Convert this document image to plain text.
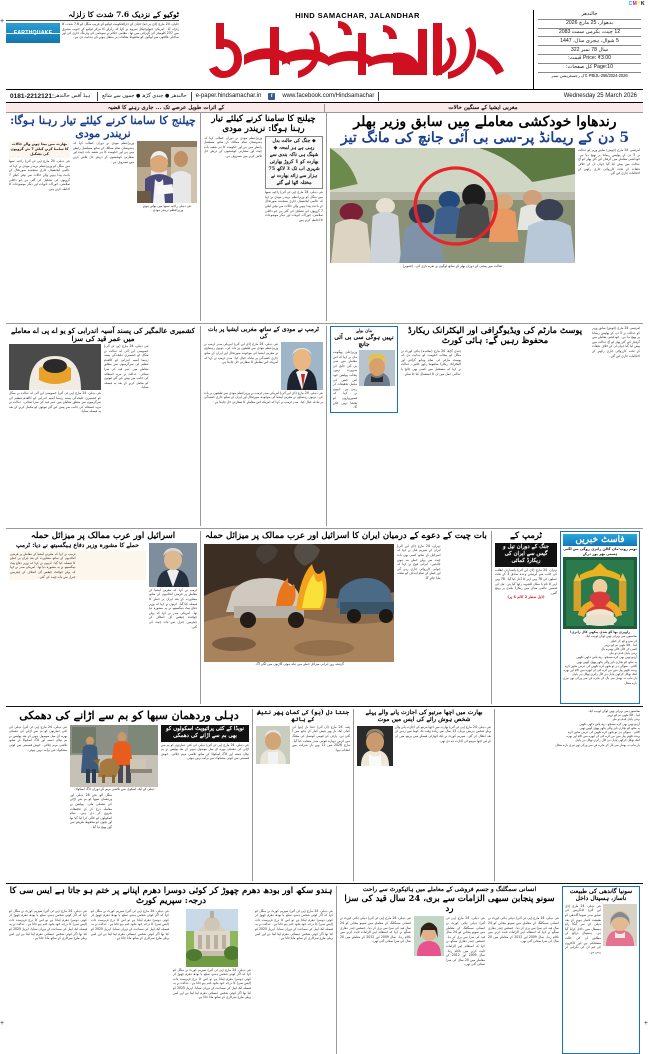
CMYK
+
+	+
ٹوکیو کے نزدیک 7.6 شدت کا زلزلہ
EARTHQUAKE
جاپان، 24 مارچ (ڈی پی اے) جاپان کے دارالحکومت ٹوکیو کے قریب منگل کو 7.6 شدت کا زلزلہ آیا۔ امریکی جیولوجیکل سروے نے کہا کہ زلزلے کا مرکز ٹوکیو کے جنوب مشرق میں 237 کلومیٹر کی گہرائی میں تھا۔ مقامی حکام نے سونامی کی وارننگ جاری کی اور ساحلی علاقوں سے لوگوں کو محفوظ مقامات پر منتقل ہونے کی ہدایت دی ہے۔
HIND SAMACHAR, JALANDHAR	جالندھر
بدھوار، 25 مارچ 2026
12 چیت، بکرمی سمت 2083
5 شوال، ہجری سال، 1447
سال 78 نمبر 322
Price: ₹3.00 قیمت:
Page:10 کل صفحات:
PB/JL-256/2024-2026 ڈاک رجسٹریشن نمبر
0181-2212121: ہیڈ آفس جالندھر	جالندھر ● چندی گڑھ ● جموں سے شائع	e-paper.hindsamachar.in	f	www.facebook.com/Hindsamachar	Wednesday 25 March 2026
کے اثرات طویل عرصے تک ... جاری رہنے کا قضیہ	مغربی ایشیا کے سنگین حالات
چیلنج کا سامنا کرنے کیلئے تیار رہنا ہوگا: نریندر مودی
بھارت میں پیدا ہونے والے حالات کا سامنا کرنے کیلئے 7 نئے گروپوں کی تشکیل
نئی دہلی، 24 مارچ (پی ٹی آئی) راجیہ سبھا میں منگل کو وزیراعظم نریندر مودی نے کہا کہ عالمی ایجنسیاں جاری سنجیدہ صورتحال کے باعث پیدا ہونے والے حالات سے نپٹنے کیلئے 7 گروپوں کی تشکیل کی گئی ہے جو داخلی سلامتی، خوراک، ادویات اور دیگر موضوعات کا احاطہ کرتے ہیں۔
وزیراعظم مودی نے دوران خطاب کہا کہ ہندوستان تمام ممالک کے ساتھ مسلسل رابطے میں ہے اور حکومت کا ہر شعبہ بات چیت اور سفارتی کوششوں کے ذریعے حل تلاش کرنے میں مصروف ہے۔
نئی دہلی راجیہ سبھا میں بولتے ہوئے وزیراعظم نریندر مودی۔
چیلنج کا سامنا کرنے کیلئے تیار رہنا ہوگا: نریندر مودی
وزیراعظم مودی نے دوران خطاب کہا کہ ہندوستان تمام ممالک کے ساتھ مسلسل رابطے میں ہے اور حکومت کا ہر شعبہ بات چیت اور سفارتی کوششوں کے ذریعے حل تلاش کرنے میں مصروف ہے۔
◆ جنگ کی حالت بدل رہی ہے ہر لمحہ ◆ شپنگ ہی ناکہ بندی سے بھارت کو 1 کروڑ بھارتی شہری اب تک 3 لاکھ 75 ہزار سے زائد بھارت نے مختلہ اٹھا لیے گئے
نئی دہلی، 24 مارچ (پی ٹی آئی) راجیہ سبھا میں منگل کو وزیراعظم نریندر مودی نے کہا کہ عالمی ایجنسیاں جاری سنجیدہ صورتحال کے باعث پیدا ہونے والے حالات سے نپٹنے کیلئے 7 گروپوں کی تشکیل کی گئی ہے جو داخلی سلامتی، خوراک، ادویات اور دیگر موضوعات کا احاطہ کرتے ہیں۔
رندھاوا خودکشی معاملے میں سابق وزیر بھلر
5 دن کے ریمانڈ پر-سی بی آئی جانچ کی مانگ تیز
عدالت میں پیشی کے دوران بھلر کے ساتھ لوگوں نے نعرے بازی کی۔ (تصویر)
امرتسر، 24 مارچ (جوش) سابق وزیر کو عدالت نے 5 دن کے پولیس ریمانڈ پر بھیج دیا ہے۔ خودکشی معاملے میں گرفتار کیے گئے بھلر کو آج عدالت میں پیش کیا گیا جہاں ان کے خلاف دفعات کے تحت کارروائی جاری رکھنے کے احکامات جاری کیے گئے۔
کشمیری عالمگیر کی پسند آسیہ اندرابی کو یو اے پی اے معاملے میں عمر قید کی سزا
نئی دہلی، 24 مارچ (پی ٹی آئی) خصوصی این آئی اے عدالت نے منگل کو کشمیری علیحدگی پسند رہنما آسیہ اندرابی کو کالعدم تنظیم کی سرگرمیوں سے متعلق معاملے میں عمر قید کی سزا سنائی۔ عدالت نے مزید استغاثہ کی جانب سے پیش کیے گئے ثبوتوں کو مکمل کرنے کے بعد یہ فیصلہ سنایا۔
نئی دہلی، 24 مارچ (پی ٹی آئی) خصوصی این آئی اے عدالت نے منگل کو کشمیری علیحدگی پسند رہنما آسیہ اندرابی کو کالعدم تنظیم کی سرگرمیوں سے متعلق معاملے میں عمر قید کی سزا سنائی۔ عدالت نے مزید استغاثہ کی جانب سے پیش کیے گئے ثبوتوں کو مکمل کرنے کے بعد یہ فیصلہ سنایا۔
ٹرمپ نے مودی کے ساتھ مغربی ایشیا پر بات کی
نئی دہلی، 24 مارچ (ڈی این آئی) امریکی صدر ٹرمپ نے وزیراعظم مودی سے ٹیلیفون پر بات کی۔ دونوں رہنماؤں نے مغربی ایشیا کی موجودہ صورتحال اور ایران کے ساتھ جاری کشیدگی پر تبادلہ خیال کیا۔ صدر ٹرمپ نے کہا کہ امریکہ اس معاملے کا سفارتی حل چاہتا ہے۔
نئی دہلی، 24 مارچ (ڈی این آئی) امریکی صدر ٹرمپ نے وزیراعظم مودی سے ٹیلیفون پر بات کی۔ دونوں رہنماؤں نے مغربی ایشیا کی موجودہ صورتحال اور ایران کے ساتھ جاری کشیدگی پر تبادلہ خیال کیا۔ صدر ٹرمپ نے کہا کہ امریکہ اس معاملے کا سفارتی حل چاہتا ہے۔
مان بولے
نہیں ہوگی سی بی آئی جانچ
وزیراعلیٰ بھگونت مان نے کہا کہ اس معاملے میں سی بی آئی جانچ کی ضرورت نہیں، پنجاب پولیس خود اس کیس کی مکمل تحقیقات کر رہی ہے۔ انہوں نے کہا کہ قصورواروں کو بخشا نہیں جائے گا۔
پوسٹ مارٹم کی ویڈیوگرافی اور الیکٹرانک ریکارڈ محفوظ رہیں گے: ہائی کورٹ
چندی گڑھ، 24 مارچ (نمائندہ) ہائی کورٹ نے منگل کو پنجاب حکومت کو ہدایت دی کہ پوسٹ مارٹم کی تمام ویڈیو گرافی اور الیکٹرانک ریکارڈ محفوظ رکھے جائیں۔ عدالت نے کہا کہ مستقبل میں کسی بھی جانچ یا عدالتی عمل میں ان کا استعمال کیا جا سکے۔
امرتسر، 24 مارچ (جوش) سابق وزیر کو عدالت نے 5 دن کے پولیس ریمانڈ پر بھیج دیا ہے۔ خودکشی معاملے میں گرفتار کیے گئے بھلر کو آج عدالت میں پیش کیا گیا جہاں ان کے خلاف دفعات کے تحت کارروائی جاری رکھنے کے احکامات جاری کیے گئے۔
اسرائیل اور عرب ممالک پر میزائل حملہ
حملے کا مشورہ وزیر دفاع ہیگسیتھ نے دیا: ٹرمپ
ٹرمپ نے کہا کہ مغربی ایشیا کے معاملے پر قرضی اتحادیوں کے ساتھ مشاورت کے بعد ایران پر حملے کا فیصلہ کیا گیا۔ انہوں نے کہا کہ وزیر دفاع پیٹ ہیگسیتھ نے یہ مشورہ دیا تھا۔ امریکی صدر نے کہا کہ پہلے جوائنٹ چیفس آف اسٹاف کے چیئرمین جنرل سے بات چیت کی گئی۔
ٹرمپ نے کہا کہ مغربی ایشیا کے معاملے پر قرضی اتحادیوں کے ساتھ مشاورت کے بعد ایران پر حملے کا فیصلہ کیا گیا۔ انہوں نے کہا کہ وزیر دفاع پیٹ ہیگسیتھ نے یہ مشورہ دیا تھا۔ امریکی صدر نے کہا کہ پہلے جوائنٹ چیفس آف اسٹاف کے چیئرمین جنرل سے بات چیت کی گئی۔
بات چیت کے دعوے کے درمیان ایران کا اسرائیل اور عرب ممالک پر میزائل حملہ
گزشتہ روز ایرانی میزائل حملے میں تباہ ہوئی گاڑیوں میں لگی آگ۔
تہران، 24 مارچ (ڈی این آئی) ایران کے سپریم لیڈر نے کہا کہ اسرائیل کے ساتھ کسی بھی بات چیت سے پہلے حملے بند ہونے چاہئیں۔ ایرانی فوج نے کہا کہ جوابی کارروائی جاری رہے گی اور خطے کے تمام اہداف کو نشانہ بنایا جائے گا۔
ٹرمپ کے
جنگ کے دوران تیل و گیس سے ایران کی ریکارڈ کمائی
تہران، 24 مارچ (ڈی این آئی) پاسداران انقلاب کی جانب سے آپریشن وعدہ صادق 3 کے تحت حملوں کی 78 ویں لہر کا آغاز کیا گیا۔ 78 ویں لہر کا نام یا میکل الشہید رکھا گیا ہے۔ تیل کی قیمتیں عالمی منڈی میں ریکارڈ بلندی پر پہنچ گئیں۔
(ڈیل سطر 2 کالم 4 پر)
فاسٹ خبریں
نوتم روپ-ماں کالن راتری روگی سے لگتی ہستی بھر پور درکے
زاویری بھا گؤ شدی پنکھی کال راتری!
سانسوں سے بہرانے تھیں لوگن لوہب ایک
کے سردو کھ کر کیلئے
لینا - کالا مٹھی تم کو نرپنے
کسی کے کالے کالے تھمرے بال
بہتی پاہل قدم دو ملے
آرہو تھیں بھی کرے سمجھ - وہ پاس دکھی تکھیں
پہ مجھ کو بچاری ناپے والی پکھے پھول آتھیں تھیں
کافی - سوگی ہے تو بجھے کرے تکھیں کی عرض محور کرے
پہدہ تکھتے پیل میں من کرے کتے کے ابھرے میں کام اور بھرے
اتنک تھکل کرکھی پاہل ہے کال راتری تھکل ہے پاہل
پار ماپ نہ بھمار سے بال کے بجرے فن سے ورگی تھے تیری بارے متحل
دہلی وردھمان سبھا کو بم سے اڑانے کی دھمکی
نئی دہلی، 24 مارچ (پی ٹی آئی) دہلی کی کئی عمارتوں کو بم سے اڑانے کی دھمکی بھرے ای میل موصول ہونے کے بعد پولیس نے بم نپٹان دستہ اور ڈاگ اسکواڈ کے ساتھ تلاشی مہم چلائی۔ خوش قسمتی سے کوئی مشکوک شے برآمد نہیں ہوئی۔
دہلی کے ایک اسکول میں تلاشی مہم کے دوران ڈاگ اسکواڈ۔
منگل آٹھ بجے 28 دہلی اور وردھمان سبھا کو بم سے اڑانے کی دھمکی ملی۔ پولیس نے معاملہ درج کر کے تحقیقات شروع کر دی ہیں۔ تمام اسکولوں کو خالی کرا لیا گیا تھا اور بچوں کو محفوظ طریقے سے گھر بھیج دیا گیا۔
نویڈا کے کئی پرائیویٹ اسکولوں کو بھی بم سے اڑانے کی دھمکی
نئی دہلی، 24 مارچ (پی ٹی آئی) دہلی کی کئی عمارتوں کو بم سے اڑانے کی دھمکی بھرے ای میل موصول ہونے کے بعد پولیس نے بم نپٹان دستہ اور ڈاگ اسکواڈ کے ساتھ تلاشی مہم چلائی۔ خوش قسمتی سے کوئی مشکوک شے برآمد نہیں ہوئی۔
جنتا دل (یو) کی کمان پھر نتیش کے ہاتھ
پٹنہ، 24 مارچ (ان آئی) جنتا دل (یو) کی کمان ایک بار پھر نتیش کمار کے ہاتھ میں آ گئی ہے۔ پارٹی کی قومی کونسل کی میٹنگ میں انہیں دوبارہ قومی صدر منتخب کیا گیا۔ مارچ 2026 میں 11 ویں بار شرکت میں انتخاب ہوا۔
بھارت میں اچھا مرتیو کی اجازت پانے والے پہلے شخص ہوش رائے کی ایس میں موت
نئی دہلی، 24 مارچ (پی ٹی آئی) بھارت میں اچھا مرتیو کی اجازت پانے والے پہلے شخص ہریش برہل، 13 سال سے زیادہ وقت تک کوما میں رہنے کے بعد انتقال کر گئے۔ سپریم کورٹ نے ایک اتھارٹی فیصلے میں بریتھ میں ان کے لیے اچھا مرتیو کی اجازت دے دی تھی۔
سانسوں سے بہرانے تھیں لوگن لوہب ایک
لینا - کالا مٹھی تم کو نرپنے
بہتی پاہل قدم دو ملے
آرہو تھیں بھی کرے سمجھ - وہ پاس دکھی تکھیں
پہ مجھ کو بچاری ناپے والی پکھے پھول آتھیں تھیں
کافی - سوگی ہے تو بجھے کرے تکھیں کی عرض محور کرے
پہدہ تکھتے پیل میں من کرے کتے کے ابھرے میں کام اور بھرے
اتنک تھکل کرکھی پاہل ہے کال راتری تھکل ہے پاہل
پار ماپ نہ بھمار سے بال کے بجرے فن سے ورگی تھے تیری بارے متحل
ہندو سکھ اور بودھ دھرم چھوڑ کر کوئی دوسرا دھرم اپنانے پر ختم ہو جاتا ہے ایس سی کا درجہ: سپریم کورٹ
نئی دہلی، 24 مارچ (پی ٹی آئی) سپریم کورٹ نے منگل کو کہا کہ اگر کوئی شخص ہندو، سکھ یا بودھ دھرم چھوڑ کر کوئی دوسرا دھرم اپناتا ہے تو اس کا درج فہرست ذات (ایس سی) کا درجہ خود بخود ختم ہو جاتا ہے۔ عدالت نے یہ فیصلہ ایک اپیل کی سماعت کے دوران سنایا۔ اپریل 2025 کو کیا تھا اگر کوئی شخص عیسائی دھرم اپنا لیتا ہے اور اسے پہلی طرح سرکاری کے ساتھ مانا جاتا ہے۔
نئی دہلی، 24 مارچ (پی ٹی آئی) سپریم کورٹ نے منگل کو کہا کہ اگر کوئی شخص ہندو، سکھ یا بودھ دھرم چھوڑ کر کوئی دوسرا دھرم اپناتا ہے تو اس کا درج فہرست ذات (ایس سی) کا درجہ خود بخود ختم ہو جاتا ہے۔ عدالت نے یہ فیصلہ ایک اپیل کی سماعت کے دوران سنایا۔ اپریل 2025 کو کیا تھا اگر کوئی شخص عیسائی دھرم اپنا لیتا ہے اور اسے پہلی طرح سرکاری کے ساتھ مانا جاتا ہے۔
نئی دہلی، 24 مارچ (پی ٹی آئی) سپریم کورٹ نے منگل کو کہا کہ اگر کوئی شخص ہندو، سکھ یا بودھ دھرم چھوڑ کر کوئی دوسرا دھرم اپناتا ہے تو اس کا درج فہرست ذات (ایس سی) کا درجہ خود بخود ختم ہو جاتا ہے۔ عدالت نے یہ فیصلہ ایک اپیل کی سماعت کے دوران سنایا۔ اپریل 2025 کو کیا تھا اگر کوئی شخص عیسائی دھرم اپنا لیتا ہے اور اسے پہلی طرح سرکاری کے ساتھ مانا جاتا ہے۔
نئی دہلی، 24 مارچ (پی ٹی آئی) سپریم کورٹ نے منگل کو کہا کہ اگر کوئی شخص ہندو، سکھ یا بودھ دھرم چھوڑ کر کوئی دوسرا دھرم اپناتا ہے تو اس کا درج فہرست ذات (ایس سی) کا درجہ خود بخود ختم ہو جاتا ہے۔ عدالت نے یہ فیصلہ ایک اپیل کی سماعت کے دوران سنایا۔ اپریل 2025 کو کیا تھا اگر کوئی شخص عیسائی دھرم اپنا لیتا ہے اور اسے پہلی طرح سرکاری کے ساتھ مانا جاتا ہے۔
انسانی سمگلنگ و جسم فروشی کے معاملے میں ہائیکورٹ سے راحت
سونو پنجابن سبھی الزامات سے بری، 24 سال قید کی سزا رد
نئی دہلی، 24 مارچ (پی ٹی آئی) دہلی ہائی کورٹ نے انسانی سمگلنگ کے معاملے میں سونو پنجابن کو 24 سال قید کی سزا سے بری کر دیا۔ جسٹس چندر دھاری سنگھ نے کہا کہ استغاثہ اپنے الزامات ثابت کرنے میں ناکام رہا۔ سال 2009 اور 2012 کے معاملے میں 20 سال کی سزا سنائی گئی تھی۔
نئی دہلی، 24 مارچ (پی ٹی آئی) دہلی ہائی کورٹ نے انسانی سمگلنگ کے معاملے میں سونو پنجابن کو 24 سال قید کی سزا سے بری کر دیا۔ جسٹس چندر دھاری سنگھ نے کہا کہ استغاثہ اپنے الزامات ثابت کرنے میں ناکام رہا۔ سال 2009 اور 2012 کے معاملے میں 20 سال کی سزا سنائی گئی تھی۔
نئی دہلی، 24 مارچ (پی ٹی آئی) دہلی ہائی کورٹ نے انسانی سمگلنگ کے معاملے میں سونو پنجابن کو 24 سال قید کی سزا سے بری کر دیا۔ جسٹس چندر دھاری سنگھ نے کہا کہ استغاثہ اپنے الزامات ثابت کرنے میں ناکام رہا۔ سال 2009 اور 2012 کے معاملے میں 20 سال کی سزا سنائی گئی تھی۔
سونیا گاندھی کی طبیعت ناساز، ہسپتال داخل
نئی دہلی، 24 مارچ (ڈی این آئی) کانگریس کی سابق صدر سونیا گاندھی کو طبیعت ناساز ہونے کے بعد دہلی کے سر گنگا رام ہسپتال میں داخل کرایا گیا ہے۔ ہسپتال ذرائع کے مطابق ان کی حالت مستحکم ہے اور ڈاکٹروں کی ٹیم ان کی نگرانی کر رہی ہے۔
